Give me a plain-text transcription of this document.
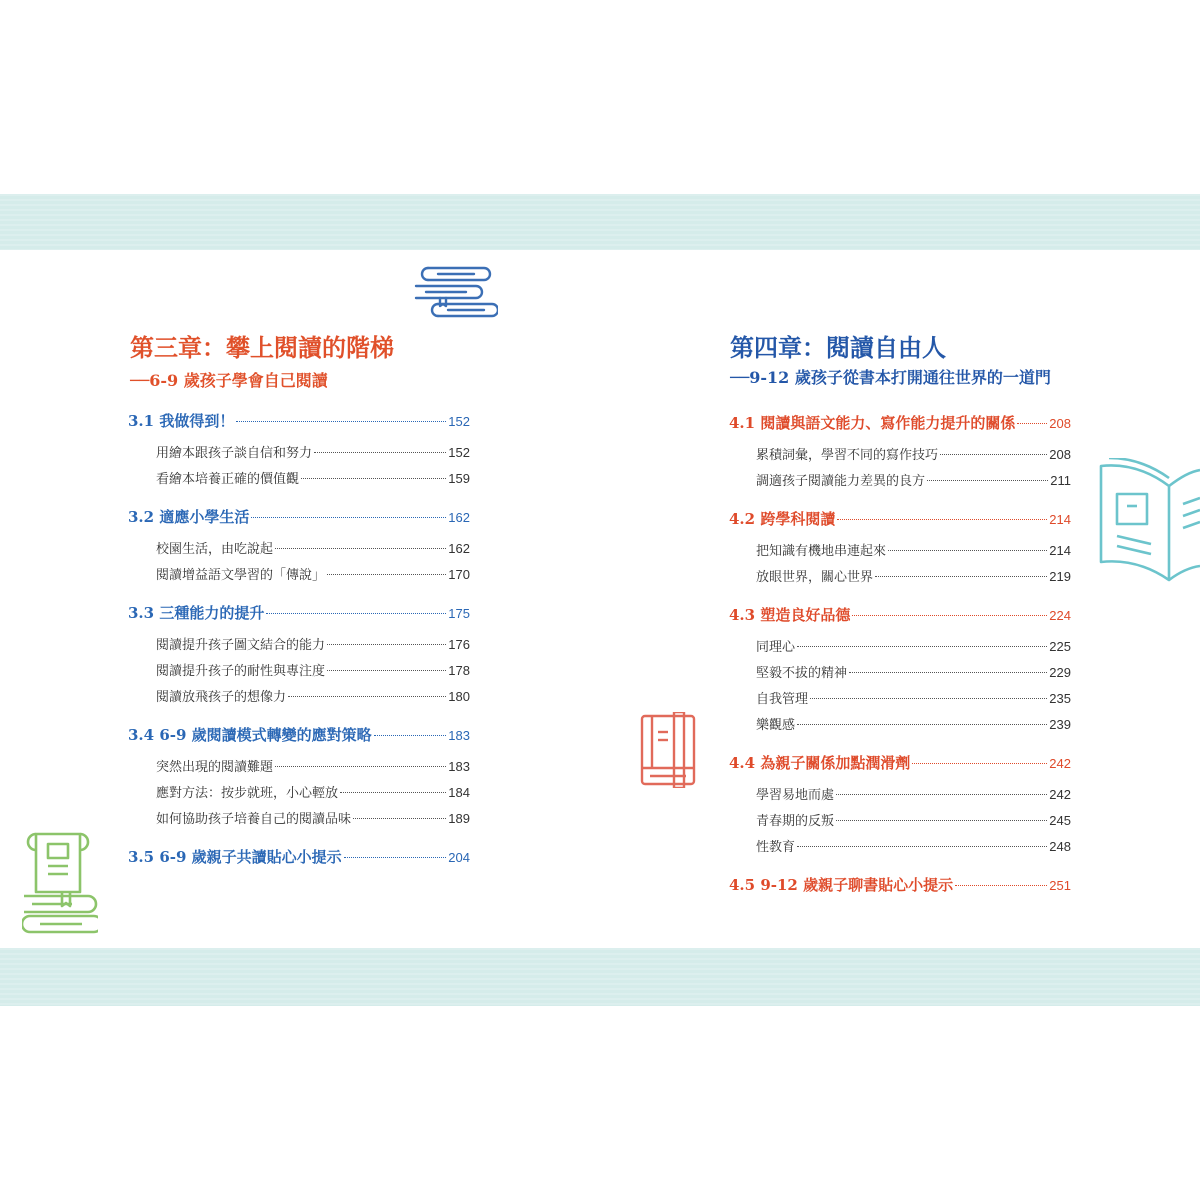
第三章：攀上閱讀的階梯
──6-9 歲孩子學會自己閱讀
3.1 我做得到！	152
用繪本跟孩子談自信和努力	152
看繪本培養正確的價值觀	159
3.2 適應小學生活	162
校園生活，由吃說起	162
閱讀增益語文學習的「傳說」	170
3.3 三種能力的提升	175
閱讀提升孩子圖文結合的能力	176
閱讀提升孩子的耐性與專注度	178
閱讀放飛孩子的想像力	180
3.4 6-9 歲閱讀模式轉變的應對策略	183
突然出現的閱讀難題	183
應對方法：按步就班，小心輕放	184
如何協助孩子培養自己的閱讀品味	189
3.5 6-9 歲親子共讀貼心小提示	204
第四章：閱讀自由人
──9-12 歲孩子從書本打開通往世界的一道門
4.1 閱讀與語文能力、寫作能力提升的關係	208
累積詞彙，學習不同的寫作技巧	208
調適孩子閱讀能力差異的良方	211
4.2 跨學科閱讀	214
把知識有機地串連起來	214
放眼世界，關心世界	219
4.3 塑造良好品德	224
同理心	225
堅毅不拔的精神	229
自我管理	235
樂觀感	239
4.4 為親子關係加點潤滑劑	242
學習易地而處	242
青春期的反叛	245
性教育	248
4.5 9-12 歲親子聊書貼心小提示	251
